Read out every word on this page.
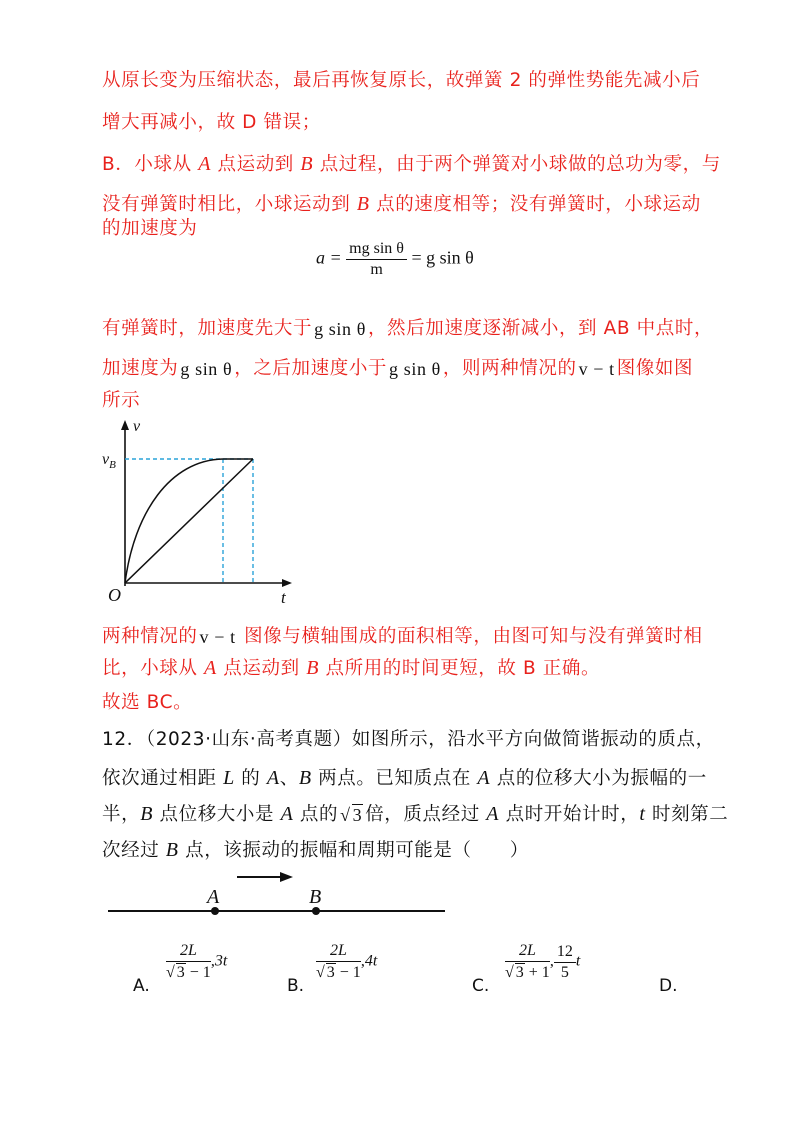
从原长变为压缩状态，最后再恢复原长，故弹簧 2 的弹性势能先减小后
增大再减小，故 D 错误；
B．小球从 A 点运动到 B 点过程，由于两个弹簧对小球做的总功为零，与
没有弹簧时相比，小球运动到 B 点的速度相等；没有弹簧时，小球运动
的加速度为
$a = \frac{\text{mg sin θ}}{m} = g$ sin θ
有弹簧时，加速度先大于 g sin θ ，然后加速度逐渐减小，到 AB 中点时，
加速度为 g sin θ ，之后加速度小于 g sin θ ，则两种情况的 v − t 图像如图
所示
v
$v_B$
O	t
两种情况的 v − t 图像与横轴围成的面积相等，由图可知与没有弹簧时相
比，小球从 A 点运动到 B 点所用的时间更短，故 B 正确。
故选 BC。
12．（2023·山东·高考真题）如图所示，沿水平方向做简谐振动的质点，
依次通过相距 L 的 A、B 两点。已知质点在 A 点的位移大小为振幅的一
半，B 点位移大小是 A 点的 √ 3 倍，质点经过 A 点时开始计时，t 时刻第二
次经过 B 点，该振动的振幅和周期可能是（　　）
A	B
A.
$\frac{2L}{√ 3 - 1} ,3t$
B.
$\frac{2L}{√ 3 - 1} ,4t$
C.
$\frac{2L}{√ 3 + 1}$ , $\frac{12}{5}$ t
D.
